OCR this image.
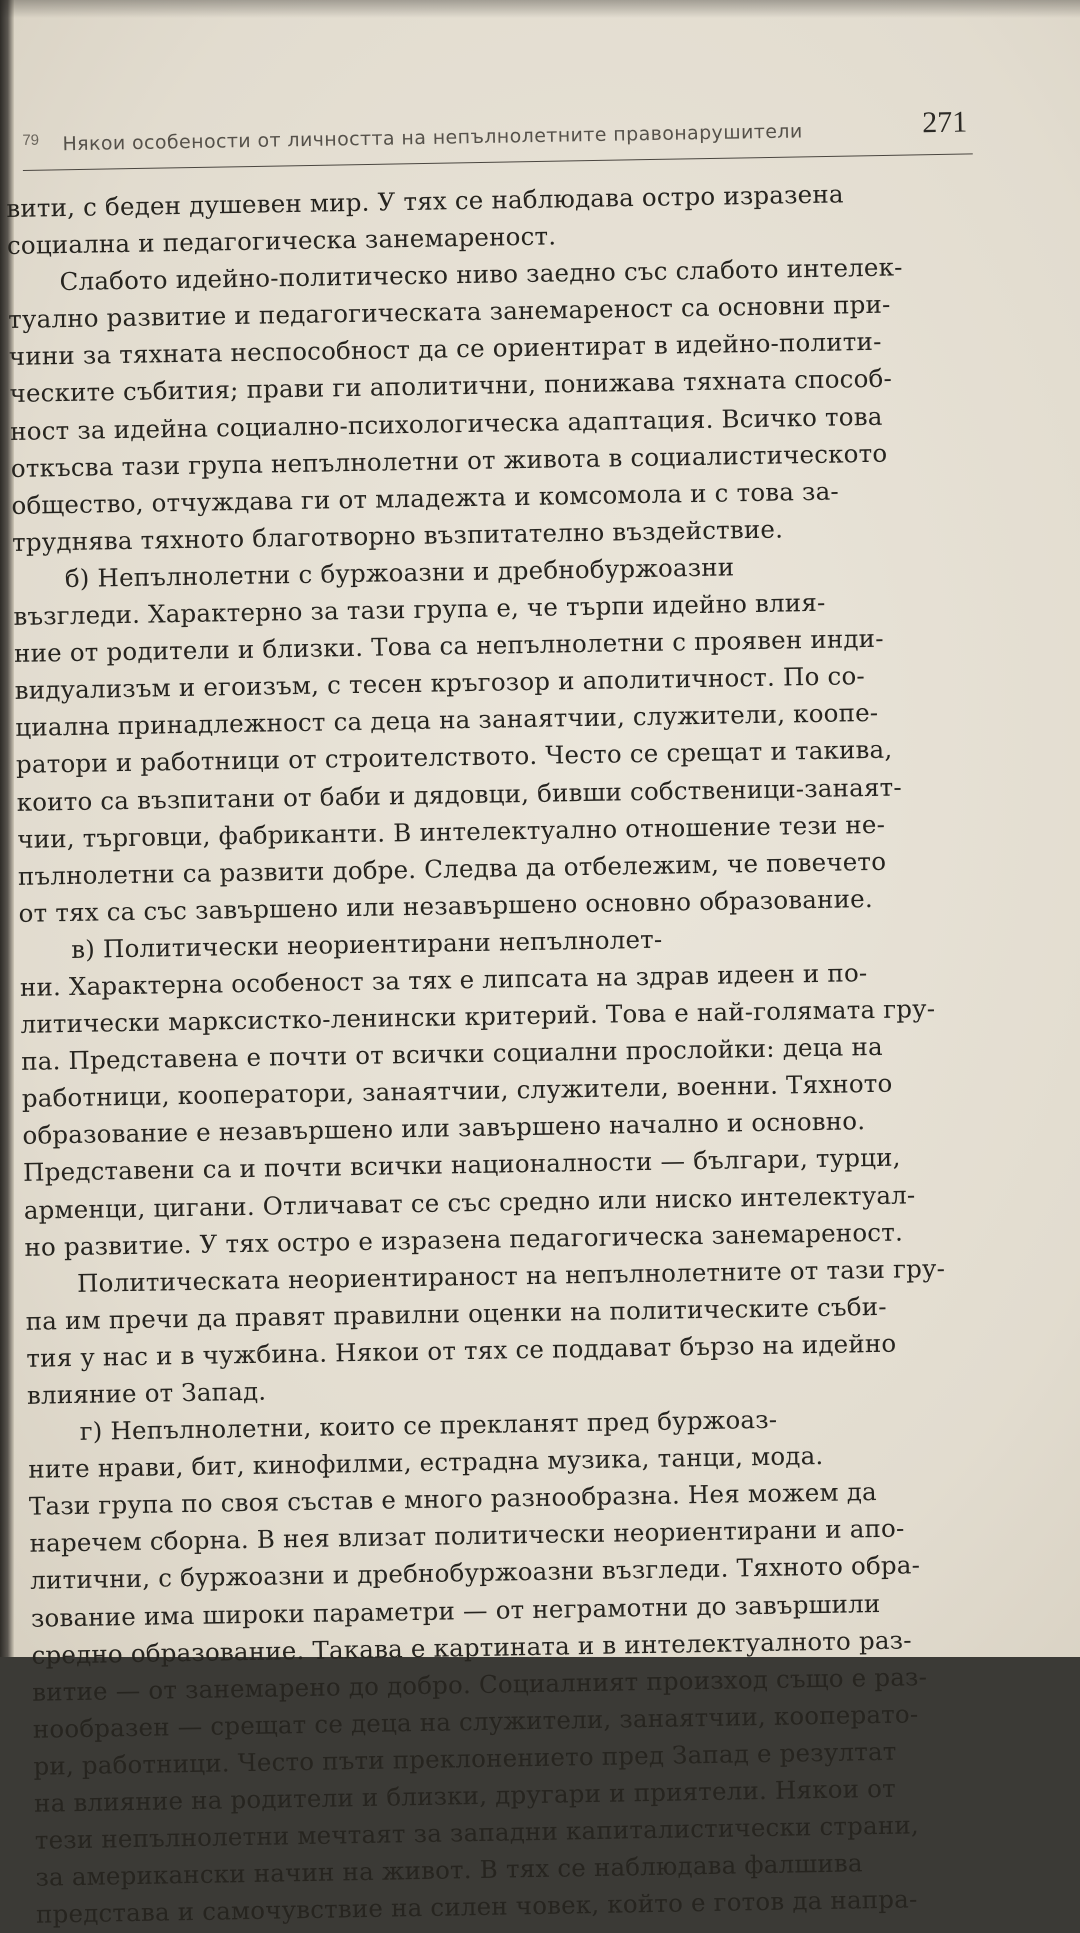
79 Някои особености от личността на непълнолетните правонарушители	271
вити, с беден душевен мир. У тях се наблюдава остро изразена
социална и педагогическа занемареност.
Слабото идейно-политическо ниво заедно със слабото интелек-
туално развитие и педагогическата занемареност са основни при-
чини за тяхната неспособност да се ориентират в идейно-полити-
ческите събития; прави ги аполитични, понижава тяхната способ-
ност за идейна социално-психологическа адаптация. Всичко това
откъсва тази група непълнолетни от живота в социалистическото
общество, отчуждава ги от младежта и комсомола и с това за-
труднява тяхното благотворно възпитателно въздействие.
б) Непълнолетни с буржоазни и дребнобуржоазни
възгледи. Характерно за тази група е, че търпи идейно влия-
ние от родители и близки. Това са непълнолетни с проявен инди-
видуализъм и егоизъм, с тесен кръгозор и аполитичност. По со-
циална принадлежност са деца на занаятчии, служители, коопе-
ратори и работници от строителството. Често се срещат и такива,
които са възпитани от баби и дядовци, бивши собственици-занаят-
чии, търговци, фабриканти. В интелектуално отношение тези не-
пълнолетни са развити добре. Следва да отбележим, че повечето
от тях са със завършено или незавършено основно образование.
в) Политически неориентирани непълнолет-
ни. Характерна особеност за тях е липсата на здрав идеен и по-
литически марксистко-ленински критерий. Това е най-голямата гру-
па. Представена е почти от всички социални прослойки: деца на
работници, кооператори, занаятчии, служители, военни. Тяхното
образование е незавършено или завършено начално и основно.
Представени са и почти всички националности — българи, турци,
арменци, цигани. Отличават се със средно или ниско интелектуал-
но развитие. У тях остро е изразена педагогическа занемареност.
Политическата неориентираност на непълнолетните от тази гру-
па им пречи да правят правилни оценки на политическите съби-
тия у нас и в чужбина. Някои от тях се поддават бързо на идейно
влияние от Запад.
г) Непълнолетни, които се прекланят пред буржоаз-
ните нрави, бит, кинофилми, естрадна музика, танци, мода.
Тази група по своя състав е много разнообразна. Нея можем да
наречем сборна. В нея влизат политически неориентирани и апо-
литични, с буржоазни и дребнобуржоазни възгледи. Тяхното обра-
зование има широки параметри — от неграмотни до завършили
средно образование. Такава е картината и в интелектуалното раз-
витие — от занемарено до добро. Социалният произход също е раз-
нообразен — срещат се деца на служители, занаятчии, кооперато-
ри, работници. Често пъти преклонението пред Запад е резултат
на влияние на родители и близки, другари и приятели. Някои от
тези непълнолетни мечтаят за западни капиталистически страни,
за американски начин на живот. В тях се наблюдава фалшива
представа и самочувствие на силен човек, който е готов да напра-
